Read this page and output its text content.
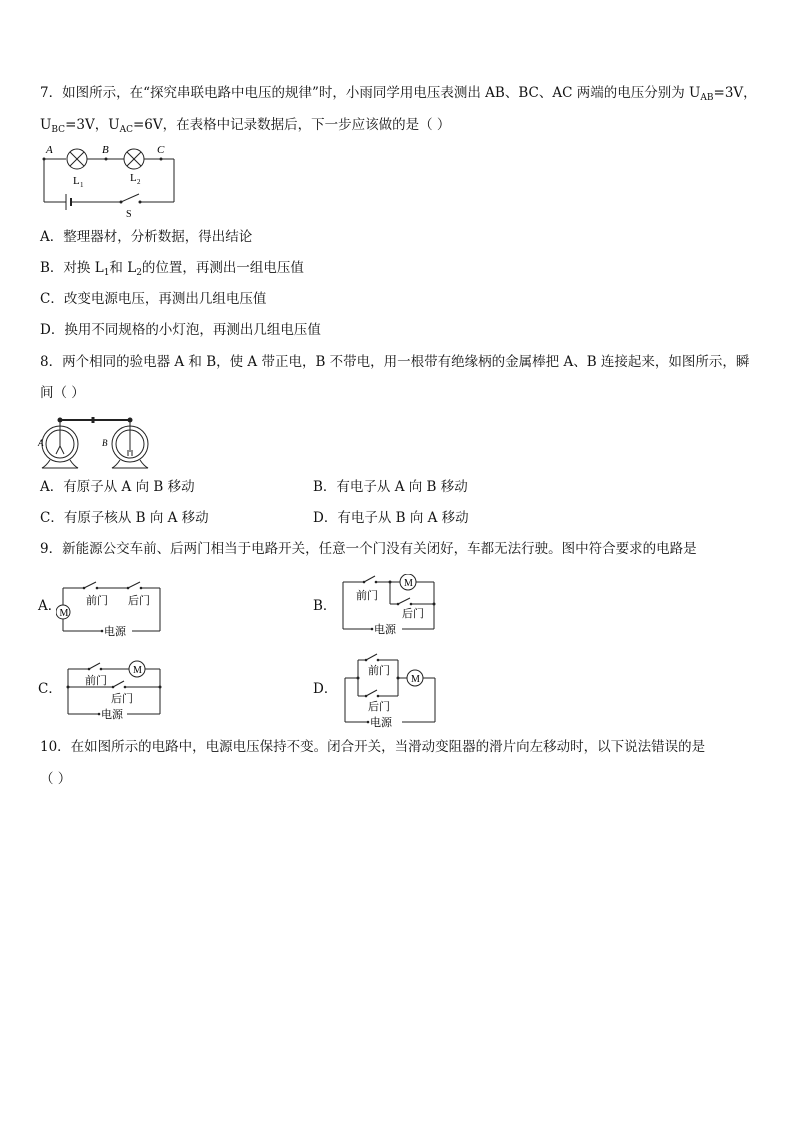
7．如图所示，在“探究串联电路中电压的规律”时，小雨同学用电压表测出 AB、BC、AC 两端的电压分别为 $U_{AB}=3V$，
$U_{BC}=3V$，$U_{AC}=6V$，在表格中记录数据后，下一步应该做的是（ ）
A	B	C
L 1
L 2
S
A．整理器材，分析数据，得出结论
B．对换 $L_1$和 $L_2$的位置，再测出一组电压值
C．改变电源电压，再测出几组电压值
D．换用不同规格的小灯泡，再测出几组电压值
8．两个相同的验电器 A 和 B，使 A 带正电，B 不带电，用一根带有绝缘柄的金属棒把 A、B 连接起来，如图所示，瞬
间（ ）
A	B
A．有原子从 A 向 B 移动	B．有电子从 A 向 B 移动
C．有原子核从 B 向 A 移动	D．有电子从 B 向 A 移动
9．新能源公交车前、后两门相当于电路开关，任意一个门没有关闭好，车都无法行驶。图中符合要求的电路是
A．
M
前门 后门
电源
B．
M
前门
后门
电源
C．
M
前门
后门
电源
D．
M
前门
后门
电源
10．在如图所示的电路中，电源电压保持不变。闭合开关，当滑动变阻器的滑片向左移动时，以下说法错误的是
（ ）
